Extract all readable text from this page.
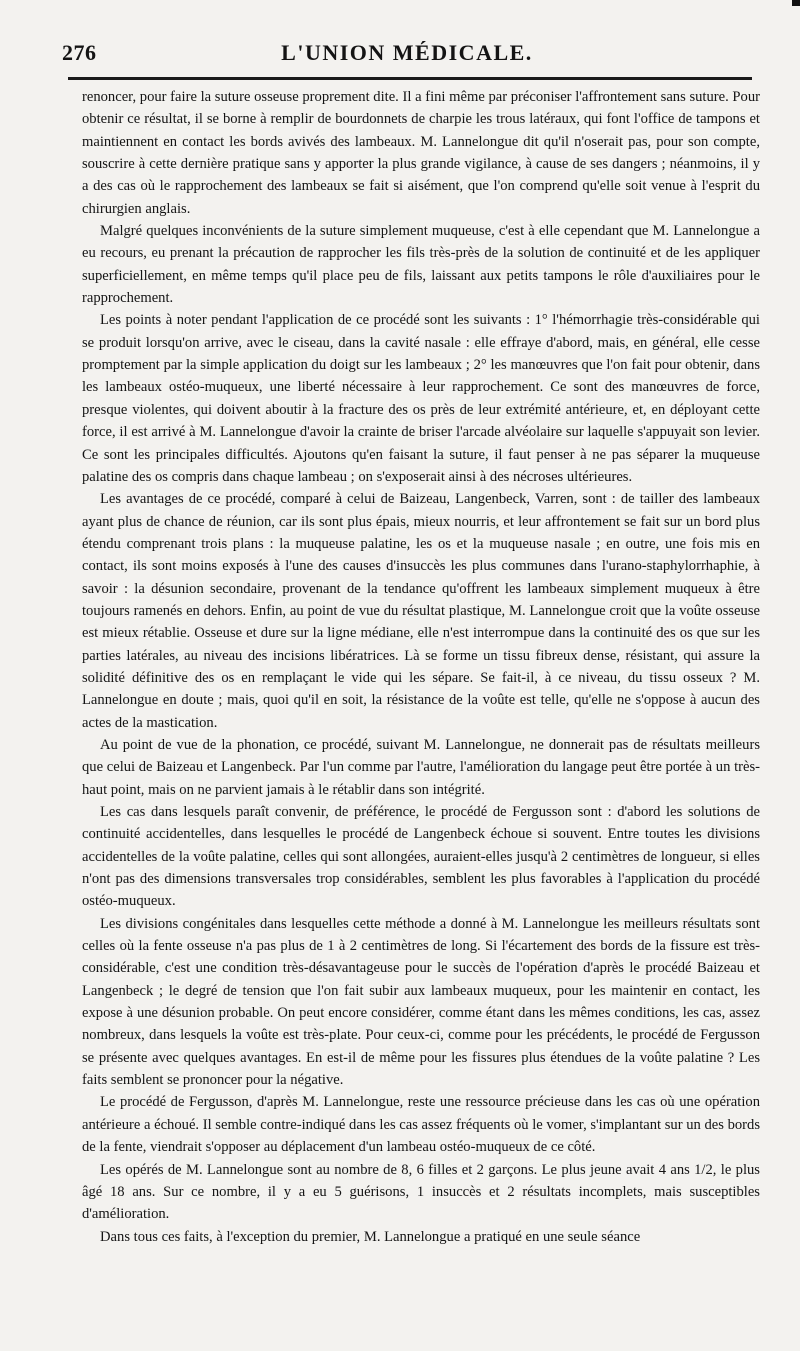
L'UNION MÉDICALE.
276

renoncer, pour faire la suture osseuse proprement dite. Il a fini même par préconiser l'affrontement sans suture. Pour obtenir ce résultat, il se borne à remplir de bourdonnets de charpie les trous latéraux, qui font l'office de tampons et maintiennent en contact les bords avivés des lambeaux. M. Lannelongue dit qu'il n'oserait pas, pour son compte, souscrire à cette dernière pratique sans y apporter la plus grande vigilance, à cause de ses dangers ; néanmoins, il y a des cas où le rapprochement des lambeaux se fait si aisément, que l'on comprend qu'elle soit venue à l'esprit du chirurgien anglais.

Malgré quelques inconvénients de la suture simplement muqueuse, c'est à elle cependant que M. Lannelongue a eu recours, eu prenant la précaution de rapprocher les fils très-près de la solution de continuité et de les appliquer superficiellement, en même temps qu'il place peu de fils, laissant aux petits tampons le rôle d'auxiliaires pour le rapprochement.

Les points à noter pendant l'application de ce procédé sont les suivants : 1° l'hémorrhagie très-considérable qui se produit lorsqu'on arrive, avec le ciseau, dans la cavité nasale : elle effraye d'abord, mais, en général, elle cesse promptement par la simple application du doigt sur les lambeaux ; 2° les manœuvres que l'on fait pour obtenir, dans les lambeaux ostéo-muqueux, une liberté nécessaire à leur rapprochement. Ce sont des manœuvres de force, presque violentes, qui doivent aboutir à la fracture des os près de leur extrémité antérieure, et, en déployant cette force, il est arrivé à M. Lannelongue d'avoir la crainte de briser l'arcade alvéolaire sur laquelle s'appuyait son levier. Ce sont les principales difficultés. Ajoutons qu'en faisant la suture, il faut penser à ne pas séparer la muqueuse palatine des os compris dans chaque lambeau ; on s'exposerait ainsi à des nécroses ultérieures.

Les avantages de ce procédé, comparé à celui de Baizeau, Langenbeck, Varren, sont : de tailler des lambeaux ayant plus de chance de réunion, car ils sont plus épais, mieux nourris, et leur affrontement se fait sur un bord plus étendu comprenant trois plans : la muqueuse palatine, les os et la muqueuse nasale ; en outre, une fois mis en contact, ils sont moins exposés à l'une des causes d'insuccès les plus communes dans l'urano-staphylorrhaphie, à savoir : la désunion secondaire, provenant de la tendance qu'offrent les lambeaux simplement muqueux à être toujours ramenés en dehors. Enfin, au point de vue du résultat plastique, M. Lannelongue croit que la voûte osseuse est mieux rétablie. Osseuse et dure sur la ligne médiane, elle n'est interrompue dans la continuité des os que sur les parties latérales, au niveau des incisions libératrices. Là se forme un tissu fibreux dense, résistant, qui assure la solidité définitive des os en remplaçant le vide qui les sépare. Se fait-il, à ce niveau, du tissu osseux ? M. Lannelongue en doute ; mais, quoi qu'il en soit, la résistance de la voûte est telle, qu'elle ne s'oppose à aucun des actes de la mastication.

Au point de vue de la phonation, ce procédé, suivant M. Lannelongue, ne donnerait pas de résultats meilleurs que celui de Baizeau et Langenbeck. Par l'un comme par l'autre, l'amélioration du langage peut être portée à un très-haut point, mais on ne parvient jamais à le rétablir dans son intégrité.

Les cas dans lesquels paraît convenir, de préférence, le procédé de Fergusson sont : d'abord les solutions de continuité accidentelles, dans lesquelles le procédé de Langenbeck échoue si souvent. Entre toutes les divisions accidentelles de la voûte palatine, celles qui sont allongées, auraient-elles jusqu'à 2 centimètres de longueur, si elles n'ont pas des dimensions transversales trop considérables, semblent les plus favorables à l'application du procédé ostéo-muqueux.

Les divisions congénitales dans lesquelles cette méthode a donné à M. Lannelongue les meilleurs résultats sont celles où la fente osseuse n'a pas plus de 1 à 2 centimètres de long. Si l'écartement des bords de la fissure est très-considérable, c'est une condition très-désavantageuse pour le succès de l'opération d'après le procédé Baizeau et Langenbeck ; le degré de tension que l'on fait subir aux lambeaux muqueux, pour les maintenir en contact, les expose à une désunion probable. On peut encore considérer, comme étant dans les mêmes conditions, les cas, assez nombreux, dans lesquels la voûte est très-plate. Pour ceux-ci, comme pour les précédents, le procédé de Fergusson se présente avec quelques avantages. En est-il de même pour les fissures plus étendues de la voûte palatine ? Les faits semblent se prononcer pour la négative.

Le procédé de Fergusson, d'après M. Lannelongue, reste une ressource précieuse dans les cas où une opération antérieure a échoué. Il semble contre-indiqué dans les cas assez fréquents où le vomer, s'implantant sur un des bords de la fente, viendrait s'opposer au déplacement d'un lambeau ostéo-muqueux de ce côté.

Les opérés de M. Lannelongue sont au nombre de 8, 6 filles et 2 garçons. Le plus jeune avait 4 ans 1/2, le plus âgé 18 ans. Sur ce nombre, il y a eu 5 guérisons, 1 insuccès et 2 résultats incomplets, mais susceptibles d'amélioration.

Dans tous ces faits, à l'exception du premier, M. Lannelongue a pratiqué en une seule séance
